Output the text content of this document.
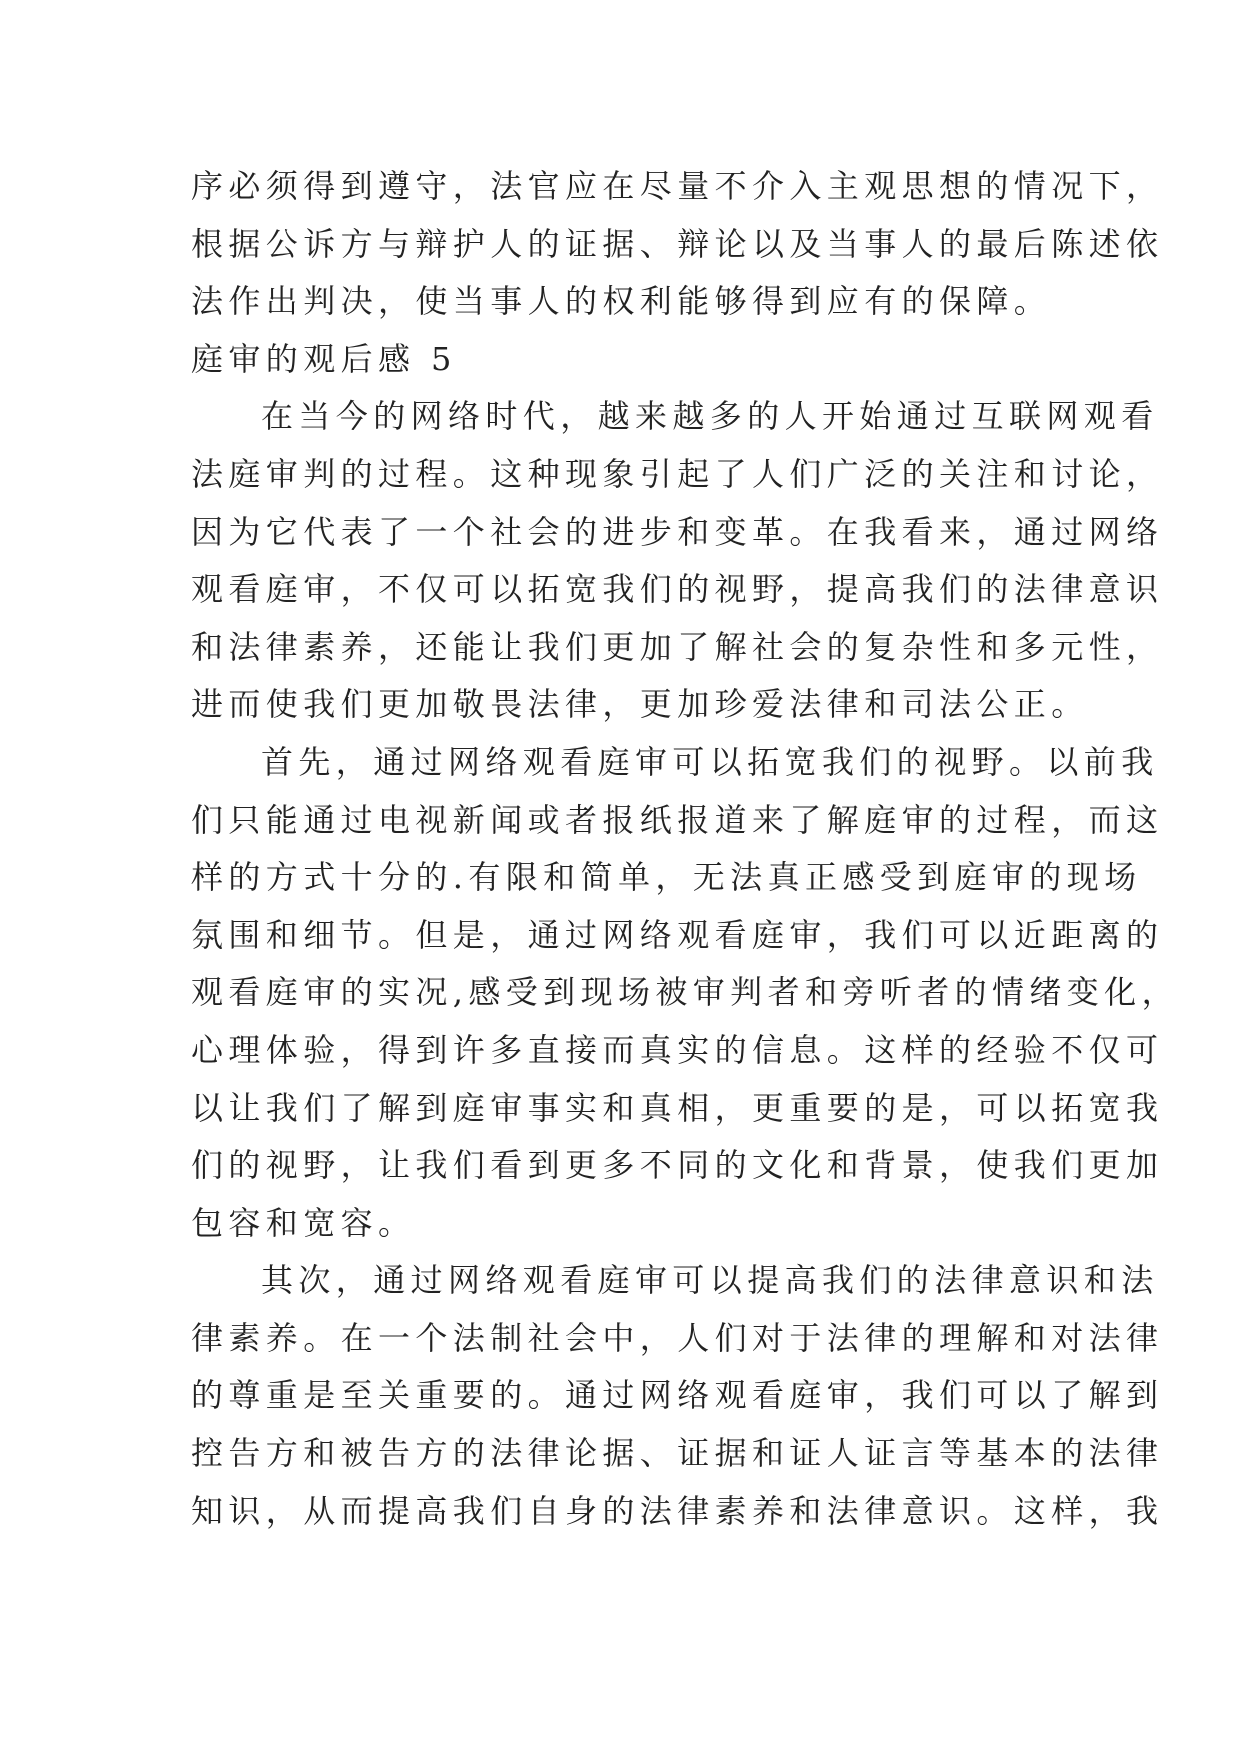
序必须得到遵守，法官应在尽量不介入主观思想的情况下，
根据公诉方与辩护人的证据、辩论以及当事人的最后陈述依
法作出判决，使当事人的权利能够得到应有的保障。
庭审的观后感 5
在当今的网络时代，越来越多的人开始通过互联网观看
法庭审判的过程。这种现象引起了人们广泛的关注和讨论，
因为它代表了一个社会的进步和变革。在我看来，通过网络
观看庭审，不仅可以拓宽我们的视野，提高我们的法律意识
和法律素养，还能让我们更加了解社会的复杂性和多元性，
进而使我们更加敬畏法律，更加珍爱法律和司法公正。
首先，通过网络观看庭审可以拓宽我们的视野。以前我
们只能通过电视新闻或者报纸报道来了解庭审的过程，而这
样的方式十分的.有限和简单，无法真正感受到庭审的现场
氛围和细节。但是，通过网络观看庭审，我们可以近距离的
观看庭审的实况,感受到现场被审判者和旁听者的情绪变化，
心理体验，得到许多直接而真实的信息。这样的经验不仅可
以让我们了解到庭审事实和真相，更重要的是，可以拓宽我
们的视野，让我们看到更多不同的文化和背景，使我们更加
包容和宽容。
其次，通过网络观看庭审可以提高我们的法律意识和法
律素养。在一个法制社会中，人们对于法律的理解和对法律
的尊重是至关重要的。通过网络观看庭审，我们可以了解到
控告方和被告方的法律论据、证据和证人证言等基本的法律
知识，从而提高我们自身的法律素养和法律意识。这样，我
